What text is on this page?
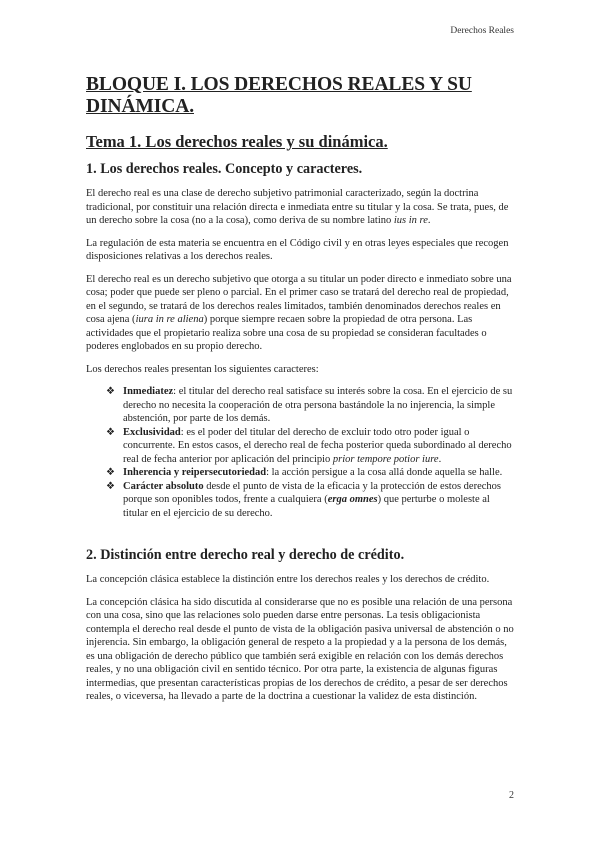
Derechos Reales
BLOQUE I. LOS DERECHOS REALES Y SU DINÁMICA.
Tema 1. Los derechos reales y su dinámica.
1. Los derechos reales. Concepto y caracteres.

El derecho real es una clase de derecho subjetivo patrimonial caracterizado, según la doctrina tradicional, por constituir una relación directa e inmediata entre su titular y la cosa. Se trata, pues, de un derecho sobre la cosa (no a la cosa), como deriva de su nombre latino ius in re.

La regulación de esta materia se encuentra en el Código civil y en otras leyes especiales que recogen disposiciones relativas a los derechos reales.

El derecho real es un derecho subjetivo que otorga a su titular un poder directo e inmediato sobre una cosa; poder que puede ser pleno o parcial. En el primer caso se tratará del derecho real de propiedad, en el segundo, se tratará de los derechos reales limitados, también denominados derechos reales en cosa ajena (iura in re aliena) porque siempre recaen sobre la propiedad de otra persona. Las actividades que el propietario realiza sobre una cosa de su propiedad se consideran facultades o poderes englobados en su propio derecho.

Los derechos reales presentan los siguientes caracteres:

❖ Inmediatez: el titular del derecho real satisface su interés sobre la cosa. En el ejercicio de su derecho no necesita la cooperación de otra persona bastándole la no injerencia, la simple abstención, por parte de los demás.
❖ Exclusividad: es el poder del titular del derecho de excluir todo otro poder igual o concurrente. En estos casos, el derecho real de fecha posterior queda subordinado al derecho real de fecha anterior por aplicación del principio prior tempore potior iure.
❖ Inherencia y reipersecutoriedad: la acción persigue a la cosa allá donde aquella se halle.
❖ Carácter absoluto desde el punto de vista de la eficacia y la protección de estos derechos porque son oponibles todos, frente a cualquiera (erga omnes) que perturbe o moleste al titular en el ejercicio de su derecho.
2. Distinción entre derecho real y derecho de crédito.

La concepción clásica establece la distinción entre los derechos reales y los derechos de crédito.

La concepción clásica ha sido discutida al considerarse que no es posible una relación de una persona con una cosa, sino que las relaciones solo pueden darse entre personas. La tesis obligacionista contempla el derecho real desde el punto de vista de la obligación pasiva universal de abstención o no injerencia. Sin embargo, la obligación general de respeto a la propiedad y a la persona de los demás, es una obligación de derecho público que también será exigible en relación con los demás derechos reales, y no una obligación civil en sentido técnico. Por otra parte, la existencia de algunas figuras intermedias, que presentan características propias de los derechos de crédito, a pesar de ser derechos reales, o viceversa, ha llevado a parte de la doctrina a cuestionar la validez de esta distinción.

2
